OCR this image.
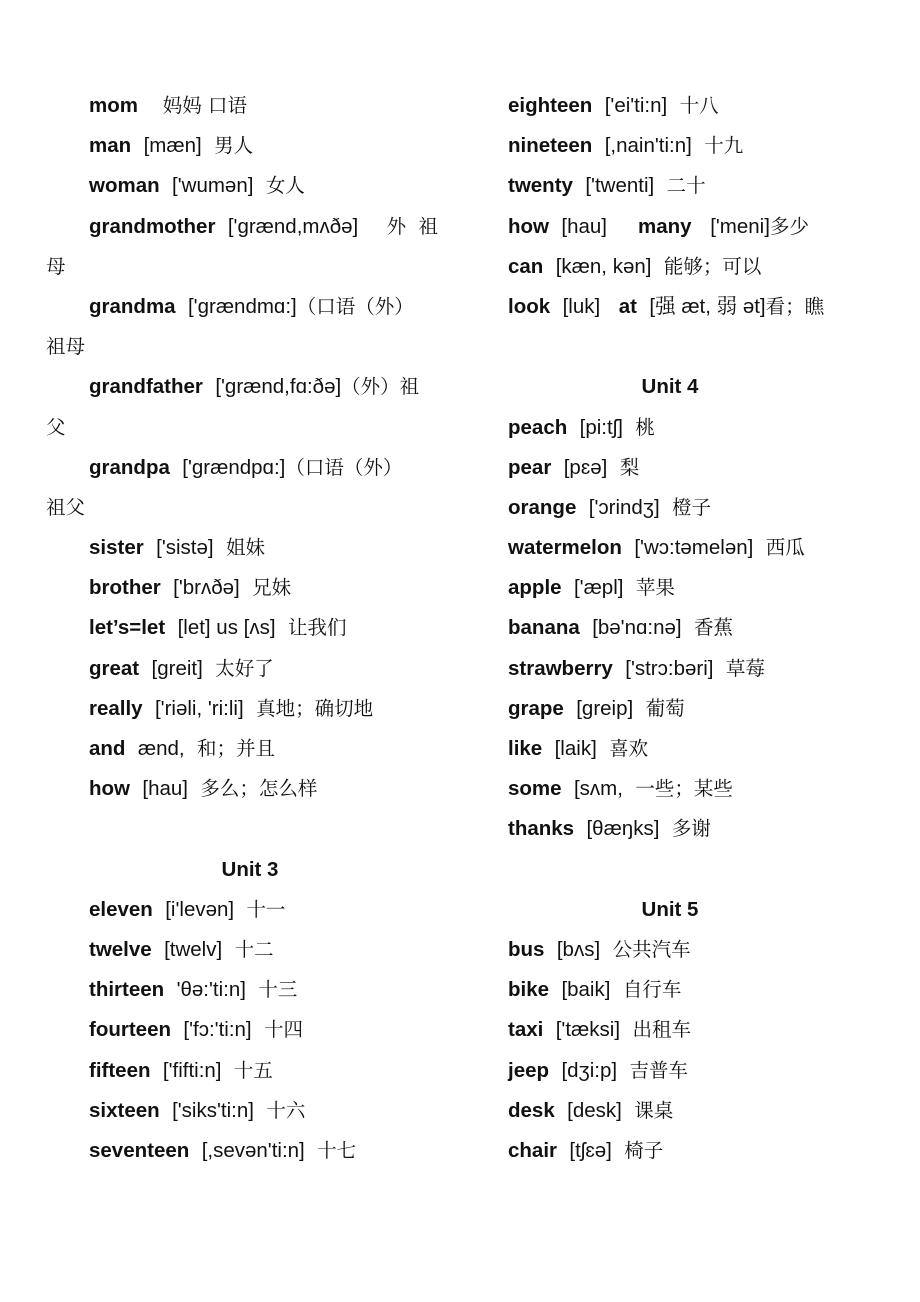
mom 妈妈 口语
man [mæn] 男人
woman ['wumən] 女人
grandmother ['grænd,mʌðə] 外 祖
母
grandma ['grændmɑ:]（口语（外）
祖母
grandfather ['grænd,fɑ:ðə]（外）祖
父
grandpa ['grændpɑ:]（口语（外）
祖父
sister ['sistə] 姐妹
brother ['brʌðə] 兄妹
let’s=let [let] us [ʌs] 让我们
great [greit] 太好了
really ['riəli, 'ri:li]  真地；确切地
and ænd, 和；并且
how [hau]  多么；怎么样
Unit 3
eleven [i'levən] 十一
twelve [twelv]  十二
thirteen 'θə:'ti:n] 十三
fourteen ['fɔ:'ti:n] 十四
fifteen ['fifti:n] 十五
sixteen ['siks'ti:n] 十六
seventeen [,sevən'ti:n]  十七
eighteen ['ei'ti:n] 十八
nineteen [,nain'ti:n]  十九
twenty ['twenti]  二十
how [hau] many ['meni]多少
can [kæn, kən]  能够；可以
look [luk] at [强 æt, 弱 ət]看；瞧
Unit 4
peach [pi:tʃ] 桃
pear [pɛə] 梨
orange ['ɔrindʒ] 橙子
watermelon ['wɔ:təmelən] 西瓜
apple ['æpl] 苹果
banana [bə'nɑ:nə] 香蕉
strawberry ['strɔ:bəri] 草莓
grape  [greip] 葡萄
like [laik] 喜欢
some [sʌm, 一些；某些
thanks [θæŋks] 多谢
Unit 5
bus [bʌs] 公共汽车
bike [baik] 自行车
taxi ['tæksi]  出租车
jeep [dʒi:p] 吉普车
desk [desk] 课桌
chair [tʃɛə] 椅子
